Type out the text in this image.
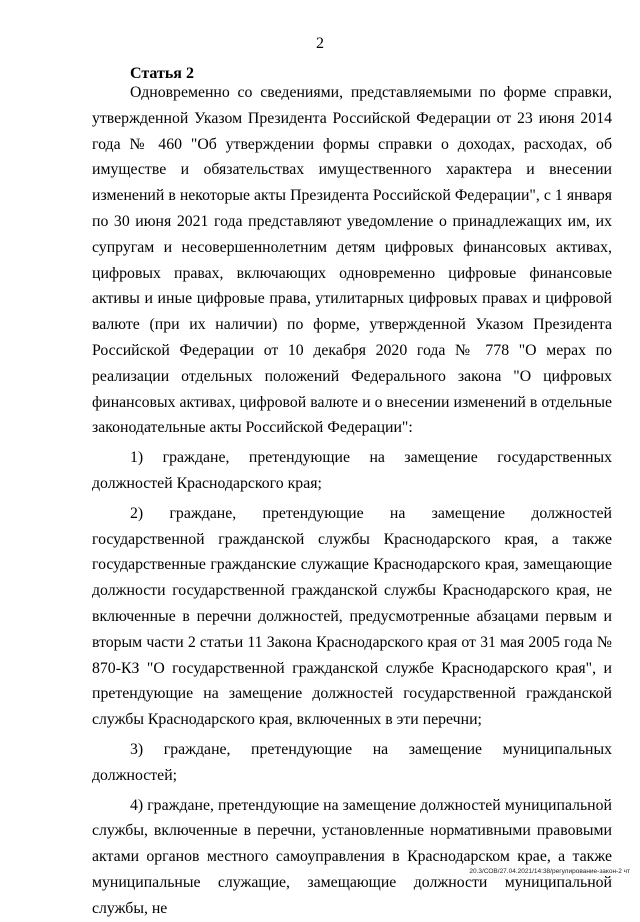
2
Статья 2

Одновременно со сведениями, представляемыми по форме справки, утвержденной Указом Президента Российской Федерации от 23 июня 2014 года № 460 "Об утверждении формы справки о доходах, расходах, об имуществе и обязательствах имущественного характера и внесении изменений в некоторые акты Президента Российской Федерации", с 1 января по 30 июня 2021 года представляют уведомление о принадлежащих им, их супругам и несовершеннолетним детям цифровых финансовых активах, цифровых правах, включающих одновременно цифровые финансовые активы и иные цифровые права, утилитарных цифровых правах и цифровой валюте (при их наличии) по форме, утвержденной Указом Президента Российской Федерации от 10 декабря 2020 года № 778 "О мерах по реализации отдельных положений Федерального закона "О цифровых финансовых активах, цифровой валюте и о внесении изменений в отдельные законодательные акты Российской Федерации":

1) граждане, претендующие на замещение государственных должностей Краснодарского края;

2) граждане, претендующие на замещение должностей государственной гражданской службы Краснодарского края, а также государственные гражданские служащие Краснодарского края, замещающие должности государственной гражданской службы Краснодарского края, не включенные в перечни должностей, предусмотренные абзацами первым и вторым части 2 статьи 11 Закона Краснодарского края от 31 мая 2005 года № 870-КЗ "О государственной гражданской службе Краснодарского края", и претендующие на замещение должностей государственной гражданской службы Краснодарского края, включенных в эти перечни;

3) граждане, претендующие на замещение муниципальных должностей;

4) граждане, претендующие на замещение должностей муниципальной службы, включенные в перечни, установленные нормативными правовыми актами органов местного самоуправления в Краснодарском крае, а также муниципальные служащие, замещающие должности муниципальной службы, не

20.3/СОВ/27.04.2021/14:38/регулирование-закон-2 чт
